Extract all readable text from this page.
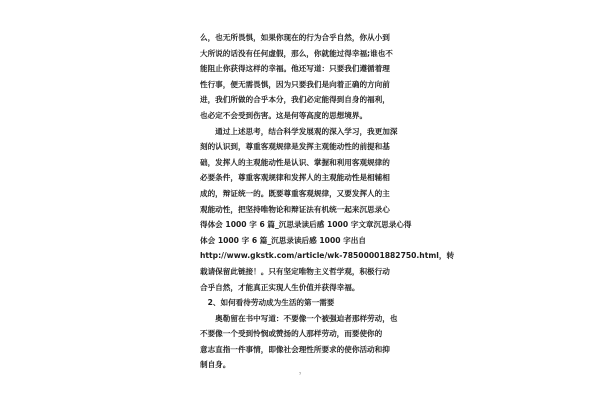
么，也无所畏惧，如果你现在的行为合乎自然，你从小到
大所说的话没有任何虚假，那么，你就能过得幸福;谁也不
能阻止你获得这样的幸福。他还写道：只要我们遵循着理
性行事，便无需畏惧，因为只要我们是向着正确的方向前
进，我们所做的合乎本分，我们必定能得到自身的福利，
也必定不会受到伤害。这是何等高度的思想境界。
　　通过上述思考，结合科学发展观的深入学习，我更加深
刻的认识到，尊重客观规律是发挥主观能动性的前提和基
础，发挥人的主观能动性是认识、掌握和利用客观规律的
必要条件，尊重客观规律和发挥人的主观能动性是相辅相
成的，辩证统一的。既要尊重客观规律，又要发挥人的主
观能动性，把坚持唯物论和辩证法有机统一起来沉思录心
得体会 1000 字 6 篇_沉思录读后感 1000 字文章沉思录心得
体会 1000 字 6 篇_沉思录读后感 1000 字出自
http://www.gkstk.com/article/wk-78500001882750.html，转
载请保留此链接！。只有坚定唯物主义哲学观，积极行动
合乎自然，才能真正实现人生价值并获得幸福。
　2、如何看待劳动成为生活的第一需要
　　奥勒留在书中写道：不要像一个被强迫者那样劳动，也
不要像一个受到怜悯或赞扬的人那样劳动，而要使你的
意志直指一件事情，即像社会理性所要求的使你活动和抑
制自身。
7
